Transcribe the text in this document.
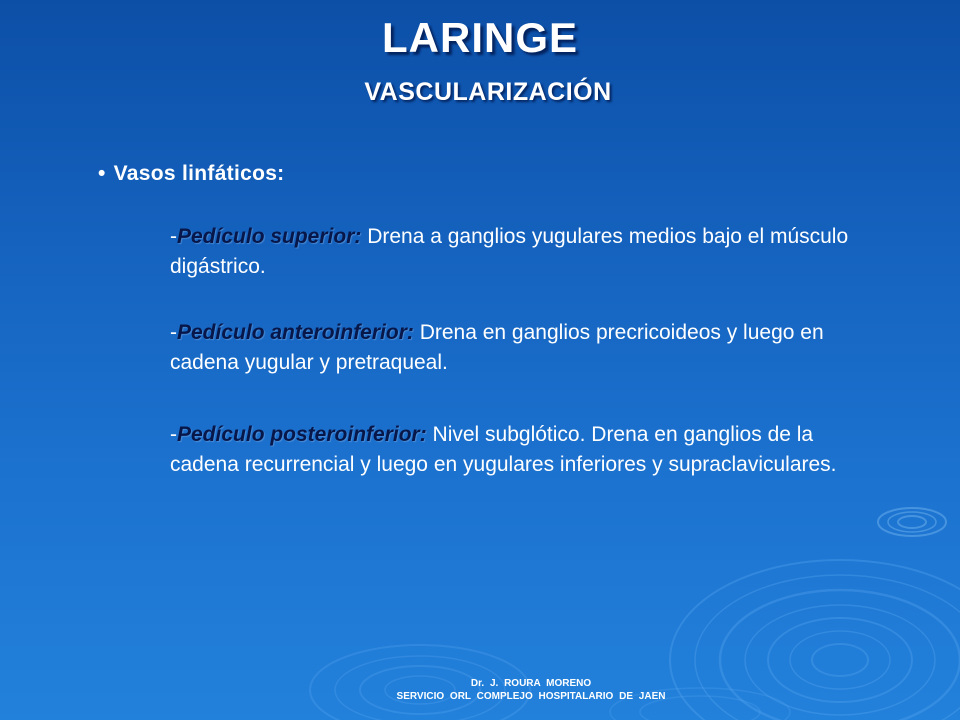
LARINGE
VASCULARIZACIÓN
• Vasos linfáticos:
-Pedículo superior: Drena a ganglios yugulares medios bajo el músculo digástrico.
-Pedículo anteroinferior: Drena en ganglios precricoideos y luego en cadena yugular y pretraqueal.
-Pedículo posteroinferior: Nivel subglótico. Drena en ganglios de la cadena recurrencial y luego en yugulares inferiores y supraclaviculares.
Dr. J. ROURA MORENO
SERVICIO ORL COMPLEJO HOSPITALARIO DE JAEN
